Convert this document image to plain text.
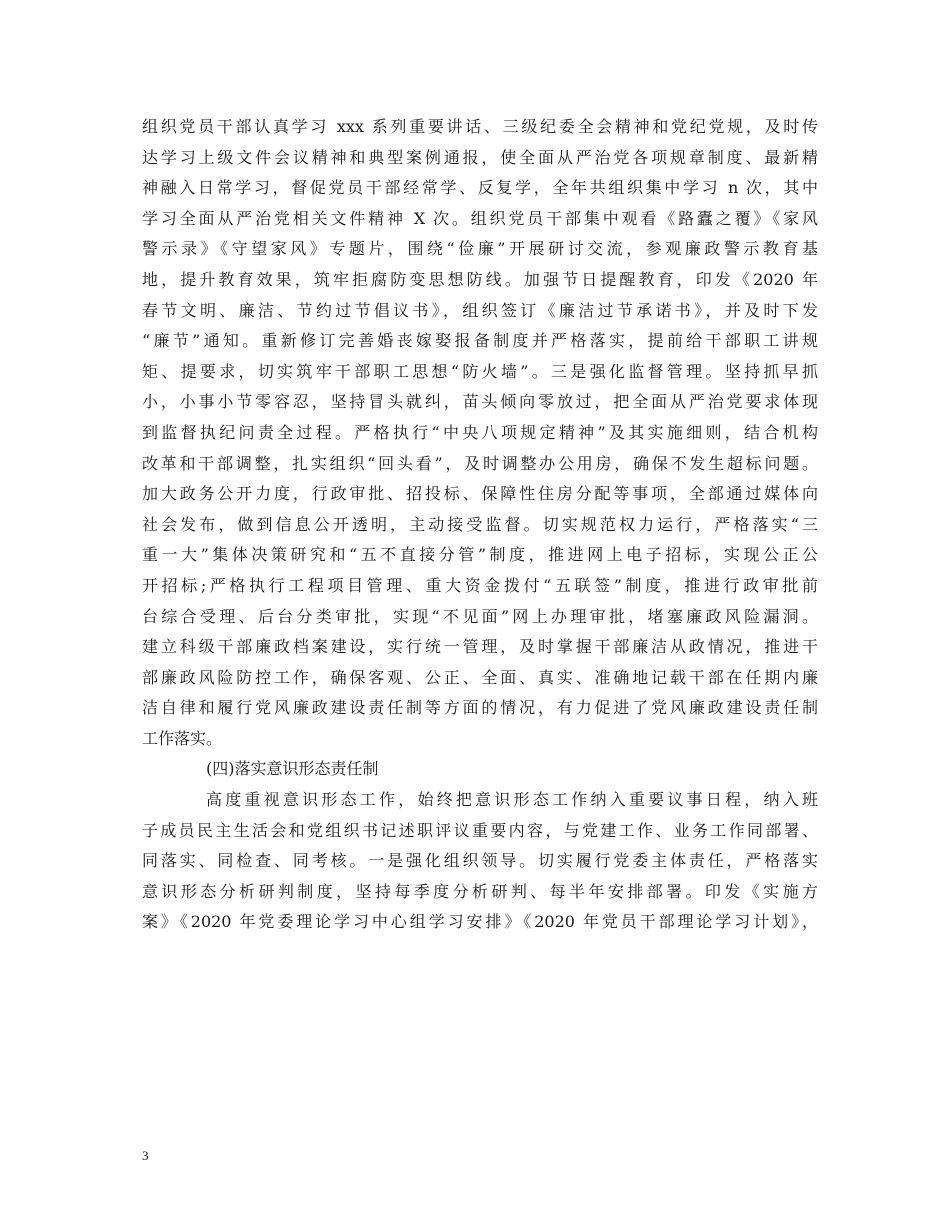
组织党员干部认真学习 xxx 系列重要讲话、三级纪委全会精神和党纪党规，及时传
达学习上级文件会议精神和典型案例通报，使全面从严治党各项规章制度、最新精
神融入日常学习，督促党员干部经常学、反复学，全年共组织集中学习 n 次，其中
学习全面从严治党相关文件精神 X 次。组织党员干部集中观看《路蠹之覆》《家风
警示录》《守望家风》专题片，围绕“俭廉”开展研讨交流，参观廉政警示教育基
地，提升教育效果，筑牢拒腐防变思想防线。加强节日提醒教育，印发《2020 年
春节文明、廉洁、节约过节倡议书》，组织签订《廉洁过节承诺书》，并及时下发
“廉节”通知。重新修订完善婚丧嫁娶报备制度并严格落实，提前给干部职工讲规
矩、提要求，切实筑牢干部职工思想“防火墙”。三是强化监督管理。坚持抓早抓
小，小事小节零容忍，坚持冒头就纠，苗头倾向零放过，把全面从严治党要求体现
到监督执纪问责全过程。严格执行“中央八项规定精神”及其实施细则，结合机构
改革和干部调整，扎实组织“回头看”，及时调整办公用房，确保不发生超标问题。
加大政务公开力度，行政审批、招投标、保障性住房分配等事项，全部通过媒体向
社会发布，做到信息公开透明，主动接受监督。切实规范权力运行，严格落实“三
重一大”集体决策研究和“五不直接分管”制度，推进网上电子招标，实现公正公
开招标;严格执行工程项目管理、重大资金拨付“五联签”制度，推进行政审批前
台综合受理、后台分类审批，实现“不见面”网上办理审批，堵塞廉政风险漏洞。
建立科级干部廉政档案建设，实行统一管理，及时掌握干部廉洁从政情况，推进干
部廉政风险防控工作，确保客观、公正、全面、真实、准确地记载干部在任期内廉
洁自律和履行党风廉政建设责任制等方面的情况，有力促进了党风廉政建设责任制
工作落实。
(四)落实意识形态责任制
高度重视意识形态工作，始终把意识形态工作纳入重要议事日程，纳入班
子成员民主生活会和党组织书记述职评议重要内容，与党建工作、业务工作同部署、
同落实、同检查、同考核。一是强化组织领导。切实履行党委主体责任，严格落实
意识形态分析研判制度，坚持每季度分析研判、每半年安排部署。印发《实施方
案》《2020 年党委理论学习中心组学习安排》《2020 年党员干部理论学习计划》，
3
